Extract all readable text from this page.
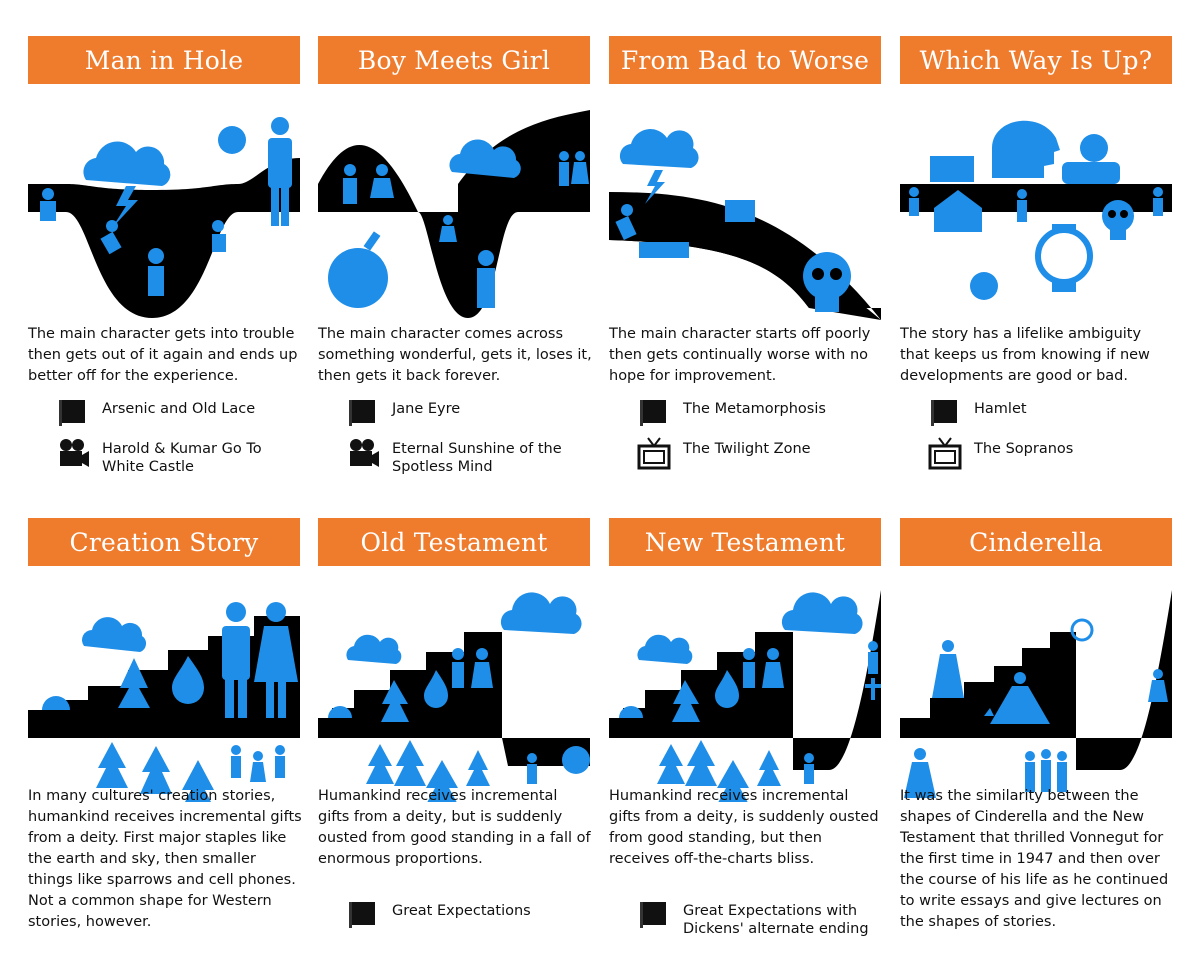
Man in Hole
The main character gets into trouble then gets out of it again and ends up better off for the experience.
Arsenic and Old Lace
Harold & Kumar Go To White Castle
Boy Meets Girl
The main character comes across something wonderful, gets it, loses it, then gets it back forever.
Jane Eyre
Eternal Sunshine of the Spotless Mind
From Bad to Worse
The main character starts off poorly then gets continually worse with no hope for improvement.
The Metamorphosis
The Twilight Zone
Which Way Is Up?
The story has a lifelike ambiguity that keeps us from knowing if new developments are good or bad.
Hamlet
The Sopranos
Creation Story
In many cultures' creation stories, humankind receives incremental gifts from a deity. First major staples like the earth and sky, then smaller things like sparrows and cell phones. Not a common shape for Western stories, however.
Old Testament
Humankind receives incremental gifts from a deity, but is suddenly ousted from good standing in a fall of enormous proportions.
Great Expectations
New Testament
Humankind receives incremental gifts from a deity, is suddenly ousted from good standing, but then receives off-the-charts bliss.
Great Expectations with Dickens' alternate ending
Cinderella
It was the similarity between the shapes of Cinderella and the New Testament that thrilled Vonnegut for the first time in 1947 and then over the course of his life as he continued to write essays and give lectures on the shapes of stories.
